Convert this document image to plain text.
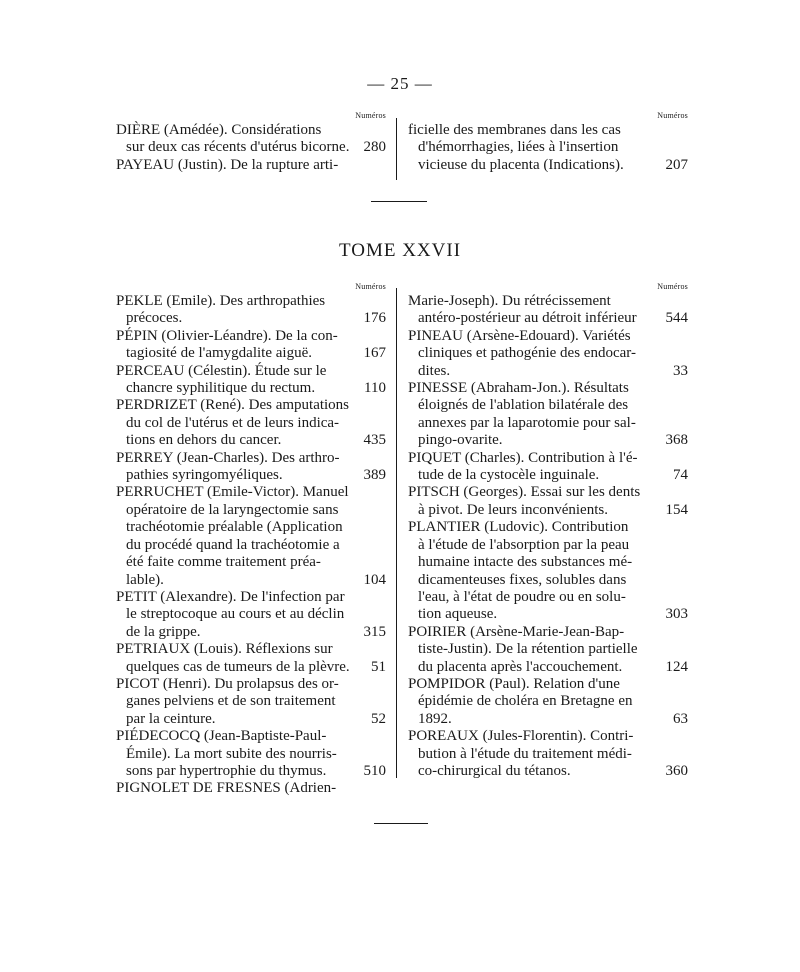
— 25 —
Numéros
DIÈRE (Amédée). Considérations
sur deux cas récents d'utérus bicorne. 280
PAYEAU (Justin). De la rupture arti-
Numéros
ficielle des membranes dans les cas
d'hémorrhagies, liées à l'insertion
vicieuse du placenta (Indications).	207
TOME XXVII
Numéros
PEKLE (Emile). Des arthropathies
précoces.	176
PÉPIN (Olivier-Léandre). De la con-
tagiosité de l'amygdalite aiguë.	167
PERCEAU (Célestin). Étude sur le
chancre syphilitique du rectum.	110
PERDRIZET (René). Des amputations
du col de l'utérus et de leurs indica-
tions en dehors du cancer.	435
PERREY (Jean-Charles). Des arthro-
pathies syringomyéliques.	389
PERRUCHET (Emile-Victor). Manuel
opératoire de la laryngectomie sans
trachéotomie préalable (Application
du procédé quand la trachéotomie a
été faite comme traitement préa-
lable).	104
PETIT (Alexandre). De l'infection par
le streptocoque au cours et au déclin
de la grippe.	315
PETRIAUX (Louis). Réflexions sur
quelques cas de tumeurs de la plèvre.	51
PICOT (Henri). Du prolapsus des or-
ganes pelviens et de son traitement
par la ceinture.	52
PIÉDECOCQ (Jean-Baptiste-Paul-
Émile). La mort subite des nourris-
sons par hypertrophie du thymus.	510
PIGNOLET DE FRESNES (Adrien-
Numéros
Marie-Joseph). Du rétrécissement
antéro-postérieur au détroit inférieur	544
PINEAU (Arsène-Edouard). Variétés
cliniques et pathogénie des endocar-
dites.	33
PINESSE (Abraham-Jon.). Résultats
éloignés de l'ablation bilatérale des
annexes par la laparotomie pour sal-
pingo-ovarite.	368
PIQUET (Charles). Contribution à l'é-
tude de la cystocèle inguinale.	74
PITSCH (Georges). Essai sur les dents
à pivot. De leurs inconvénients.	154
PLANTIER (Ludovic). Contribution
à l'étude de l'absorption par la peau
humaine intacte des substances mé-
dicamenteuses fixes, solubles dans
l'eau, à l'état de poudre ou en solu-
tion aqueuse.	303
POIRIER (Arsène-Marie-Jean-Bap-
tiste-Justin). De la rétention partielle
du placenta après l'accouchement.	124
POMPIDOR (Paul). Relation d'une
épidémie de choléra en Bretagne en
1892.	63
POREAUX (Jules-Florentin). Contri-
bution à l'étude du traitement médi-
co-chirurgical du tétanos.	360
